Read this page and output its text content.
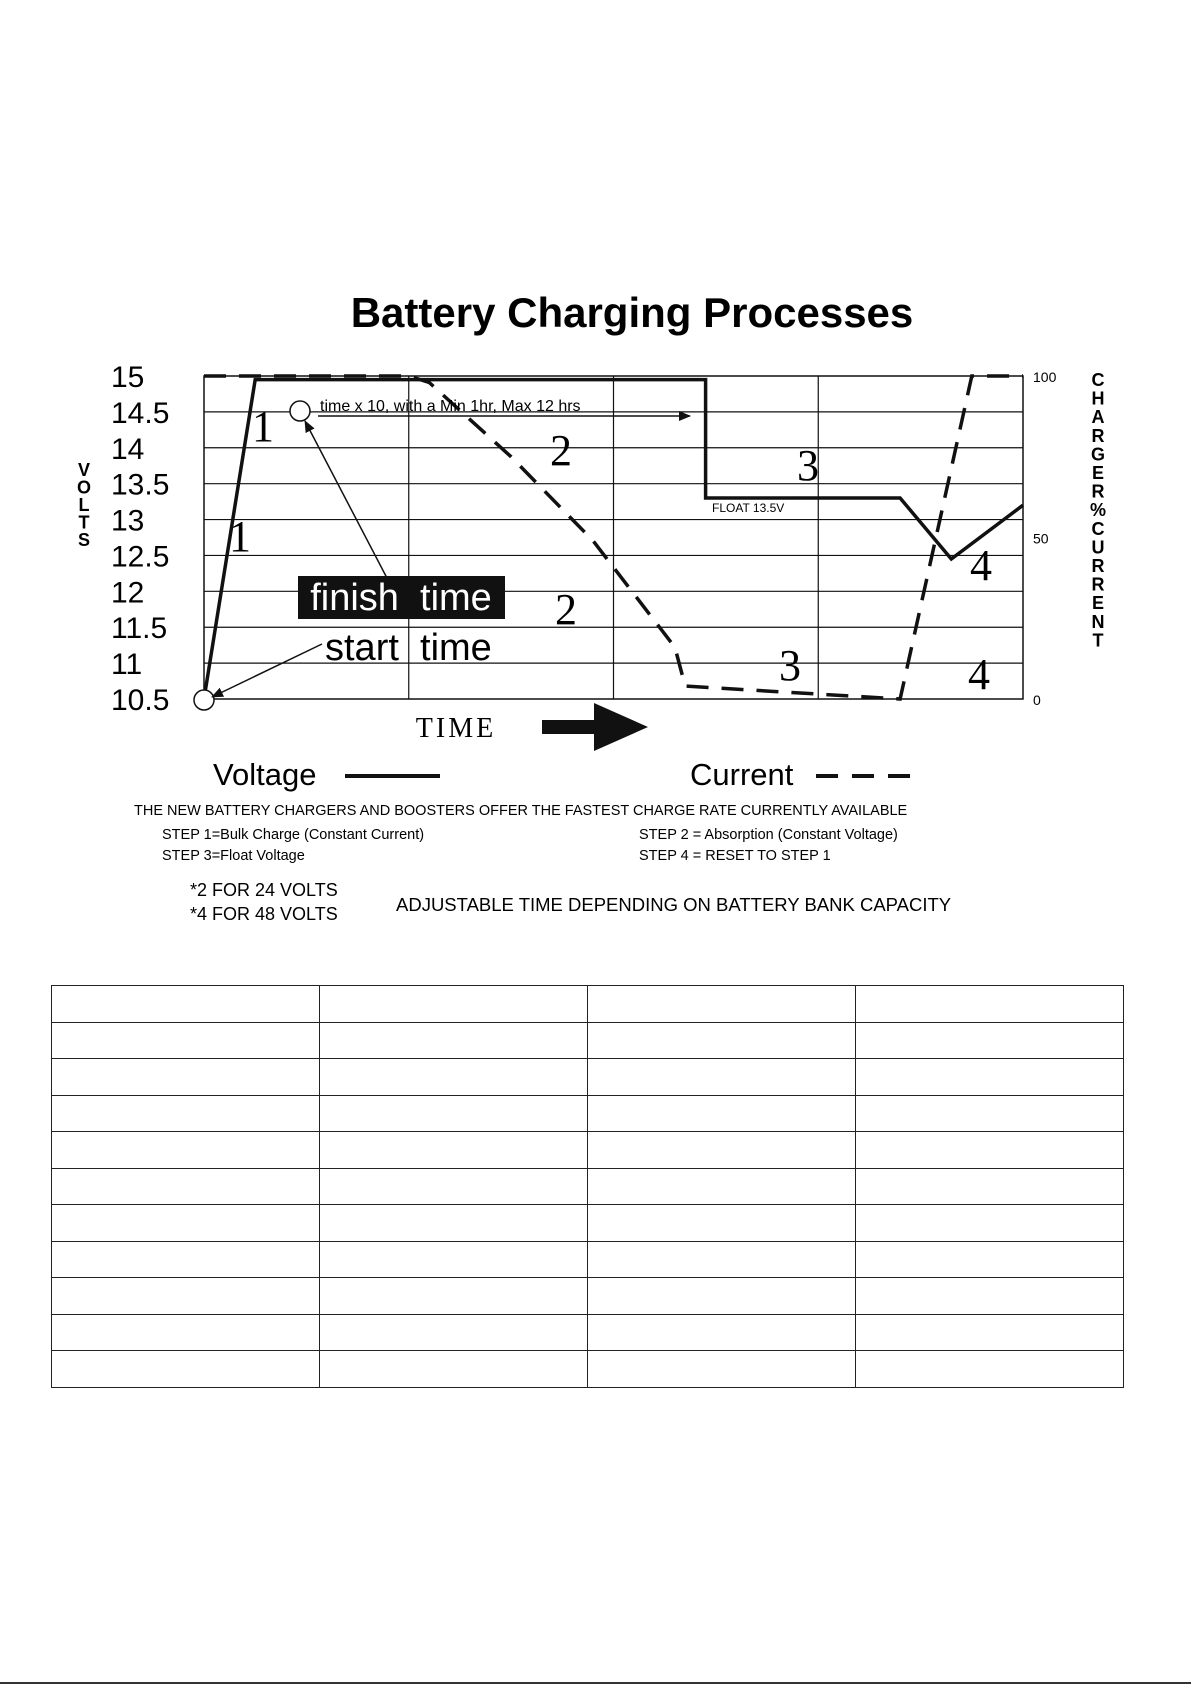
Battery Charging Processes
15
14.5
14
13.5
13
12.5
12
11.5
11
10.5
100
50
0
V O L T S
C H A R G E R % C U R R E N T
time x 10, with a Min 1hr, Max 12 hrs
finish  time
start  time
FLOAT 13.5V
1
1
2
2
3
3
4
4
TIME
Voltage	Current
THE NEW BATTERY CHARGERS AND BOOSTERS OFFER THE FASTEST CHARGE RATE CURRENTLY AVAILABLE
STEP 1=Bulk Charge (Constant Current)	STEP 2 = Absorption (Constant Voltage)
STEP 3=Float Voltage	STEP 4 = RESET TO STEP 1
*2 FOR 24 VOLTS
*4 FOR 48 VOLTS	ADJUSTABLE TIME DEPENDING ON BATTERY BANK CAPACITY
